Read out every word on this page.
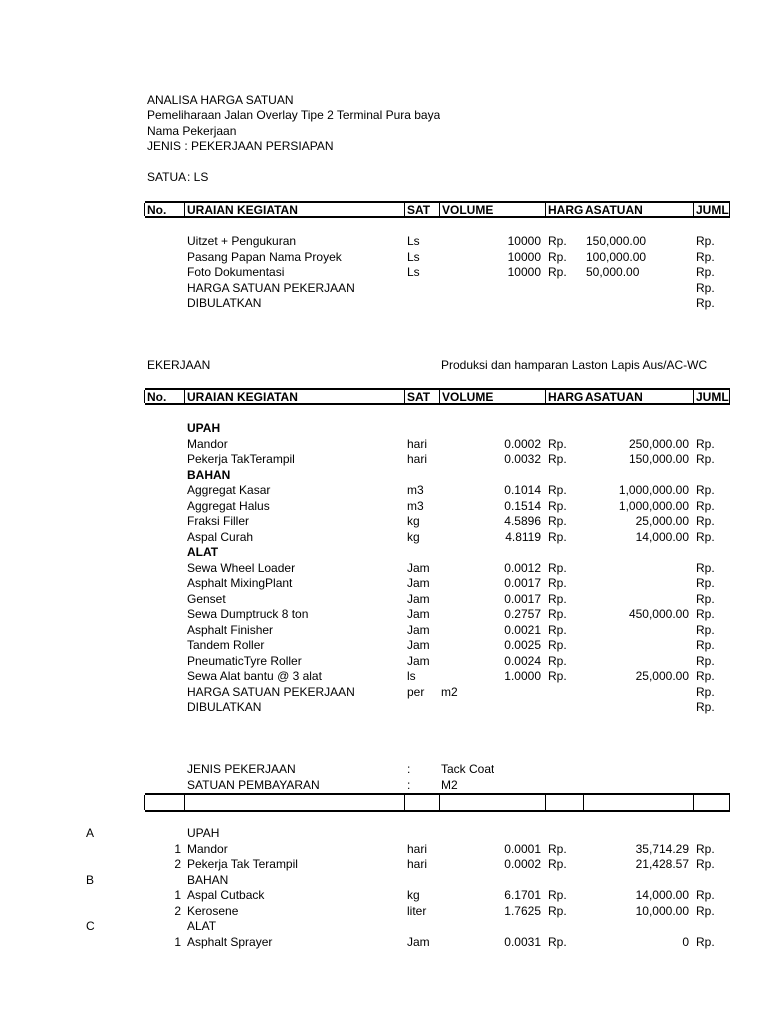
ANALISA HARGA SATUAN
Pemeliharaan Jalan Overlay Tipe 2 Terminal Pura baya
Nama Pekerjaan
JENIS : PEKERJAAN PERSIAPAN
SATUA : LS
No. URAIAN KEGIATAN	SAT VOLUME	HARG ASATUAN	JUML
Uitzet + Pengukuran	Ls	10000 Rp.	150,000.00	Rp.
Pasang Papan Nama Proyek	Ls	10000 Rp.	100,000.00	Rp.
Foto Dokumentasi	Ls	10000 Rp.	50,000.00	Rp.
HARGA SATUAN PEKERJAAN	Rp.
DIBULATKAN	Rp.
EKERJAAN	Produksi dan hamparan Laston Lapis Aus/AC-WC
No. URAIAN KEGIATAN	SAT VOLUME	HARG ASATUAN	JUML
UPAH
Mandor	hari	0.0002 Rp.	250,000.00 Rp.
Pekerja TakTerampil	hari	0.0032 Rp.	150,000.00 Rp.
BAHAN
Aggregat Kasar	m3	0.1014 Rp.	1,000,000.00 Rp.
Aggregat Halus	m3	0.1514 Rp.	1,000,000.00 Rp.
Fraksi Filler	kg	4.5896 Rp.	25,000.00 Rp.
Aspal Curah	kg	4.8119 Rp.	14,000.00 Rp.
ALAT
Sewa Wheel Loader	Jam	0.0012 Rp.	Rp.
Asphalt MixingPlant	Jam	0.0017 Rp.	Rp.
Genset	Jam	0.0017 Rp.	Rp.
Sewa Dumptruck 8 ton	Jam	0.2757 Rp.	450,000.00 Rp.
Asphalt Finisher	Jam	0.0021 Rp.	Rp.
Tandem Roller	Jam	0.0025 Rp.	Rp.
PneumaticTyre Roller	Jam	0.0024 Rp.	Rp.
Sewa Alat bantu @ 3 alat	ls	1.0000 Rp.	25,000.00 Rp.
HARGA SATUAN PEKERJAAN	per	m2	Rp.
DIBULATKAN	Rp.
JENIS PEKERJAAN	:	Tack Coat
SATUAN PEMBAYARAN	:	M2
A	UPAH
1 Mandor	hari	0.0001 Rp.	35,714.29 Rp.
2 Pekerja Tak Terampil	hari	0.0002 Rp.	21,428.57 Rp.
B	BAHAN
1 Aspal Cutback	kg	6.1701 Rp.	14,000.00 Rp.
2 Kerosene	liter	1.7625 Rp.	10,000.00 Rp.
C	ALAT
1 Asphalt Sprayer	Jam	0.0031 Rp.	0 Rp.
